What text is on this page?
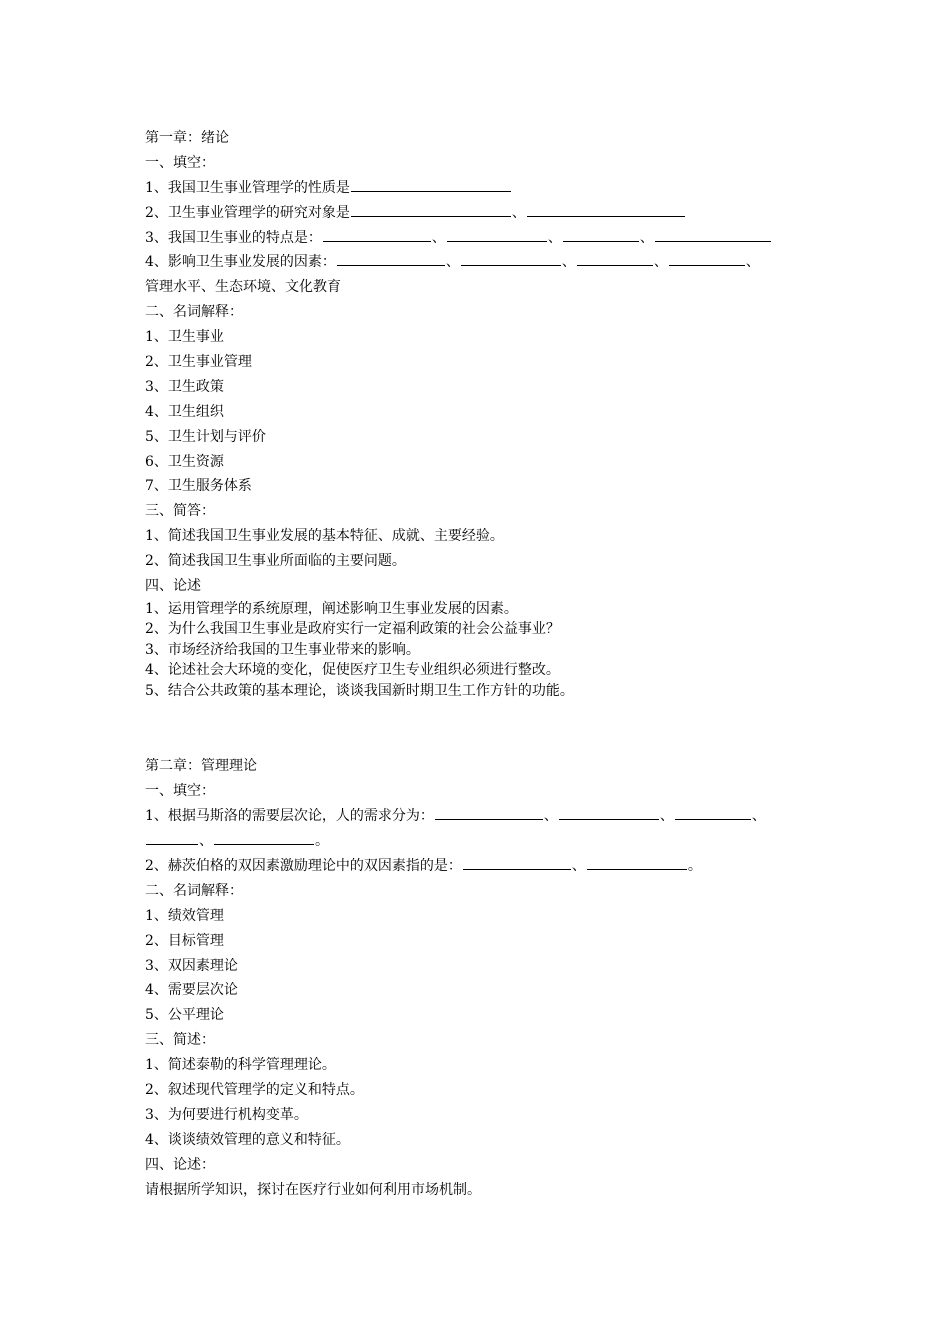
第一章：绪论
一、填空：
1、我国卫生事业管理学的性质是
2、卫生事业管理学的研究对象是	、
3、我国卫生事业的特点是：	、	、	、
4、影响卫生事业发展的因素：	、	、	、	、
管理水平、生态环境、文化教育
二、名词解释：
1、卫生事业
2、卫生事业管理
3、卫生政策
4、卫生组织
5、卫生计划与评价
6、卫生资源
7、卫生服务体系
三、简答：
1、简述我国卫生事业发展的基本特征、成就、主要经验。
2、简述我国卫生事业所面临的主要问题。
四、论述
1、运用管理学的系统原理，阐述影响卫生事业发展的因素。
2、为什么我国卫生事业是政府实行一定福利政策的社会公益事业？
3、市场经济给我国的卫生事业带来的影响。
4、论述社会大环境的变化，促使医疗卫生专业组织必须进行整改。
5、结合公共政策的基本理论，谈谈我国新时期卫生工作方针的功能。
第二章：管理理论
一、填空：
1、根据马斯洛的需要层次论，人的需求分为：	、	、	、
、	。
2、赫茨伯格的双因素激励理论中的双因素指的是：	、	。
二、名词解释：
1、绩效管理
2、目标管理
3、双因素理论
4、需要层次论
5、公平理论
三、简述：
1、简述泰勒的科学管理理论。
2、叙述现代管理学的定义和特点。
3、为何要进行机构变革。
4、谈谈绩效管理的意义和特征。
四、论述：
请根据所学知识，探讨在医疗行业如何利用市场机制。
